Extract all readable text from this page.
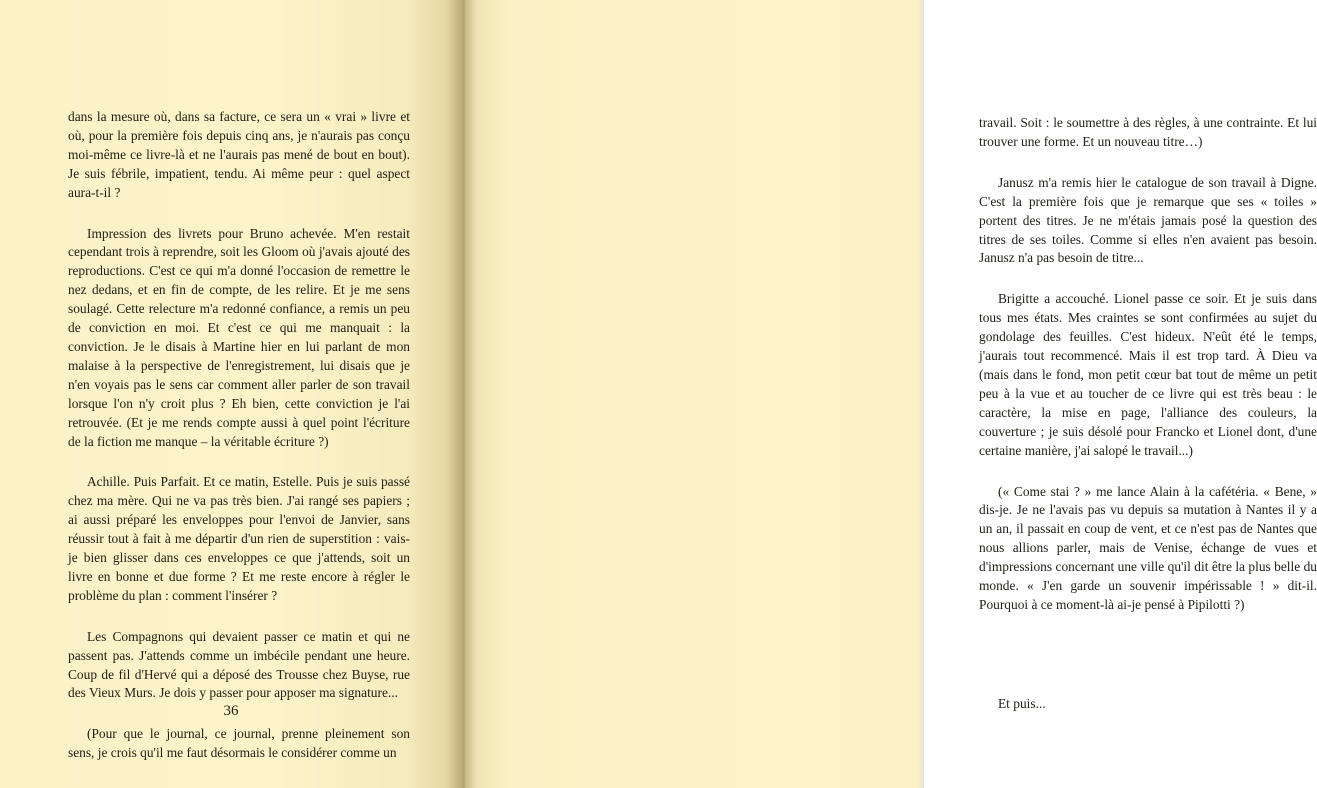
dans la mesure où, dans sa facture, ce sera un « vrai » livre et où, pour la première fois depuis cinq ans, je n'aurais pas conçu moi-même ce livre-là et ne l'aurais pas mené de bout en bout). Je suis fébrile, impatient, tendu. Ai même peur : quel aspect aura-t-il ?

Impression des livrets pour Bruno achevée. M'en restait cependant trois à reprendre, soit les Gloom où j'avais ajouté des reproductions. C'est ce qui m'a donné l'occasion de remettre le nez dedans, et en fin de compte, de les relire. Et je me sens soulagé. Cette relecture m'a redonné confiance, a remis un peu de conviction en moi. Et c'est ce qui me manquait : la conviction. Je le disais à Martine hier en lui parlant de mon malaise à la perspective de l'enregistrement, lui disais que je n'en voyais pas le sens car comment aller parler de son travail lorsque l'on n'y croit plus ? Eh bien, cette conviction je l'ai retrouvée. (Et je me rends compte aussi à quel point l'écriture de la fiction me manque – la véritable écriture ?)

Achille. Puis Parfait. Et ce matin, Estelle. Puis je suis passé chez ma mère. Qui ne va pas très bien. J'ai rangé ses papiers ; ai aussi préparé les enveloppes pour l'envoi de Janvier, sans réussir tout à fait à me départir d'un rien de superstition : vais-je bien glisser dans ces enveloppes ce que j'attends, soit un livre en bonne et due forme ? Et me reste encore à régler le problème du plan : comment l'insérer ?

Les Compagnons qui devaient passer ce matin et qui ne passent pas. J'attends comme un imbécile pendant une heure. Coup de fil d'Hervé qui a déposé des Trousse chez Buyse, rue des Vieux Murs. Je dois y passer pour apposer ma signature...

(Pour que le journal, ce journal, prenne pleinement son sens, je crois qu'il me faut désormais le considérer comme un

36

travail. Soit : le soumettre à des règles, à une contrainte. Et lui trouver une forme. Et un nouveau titre…)

Janusz m'a remis hier le catalogue de son travail à Digne. C'est la première fois que je remarque que ses « toiles » portent des titres. Je ne m'étais jamais posé la question des titres de ses toiles. Comme si elles n'en avaient pas besoin. Janusz n'a pas besoin de titre...

Brigitte a accouché. Lionel passe ce soir. Et je suis dans tous mes états. Mes craintes se sont confirmées au sujet du gondolage des feuilles. C'est hideux. N'eût été le temps, j'aurais tout recommencé. Mais il est trop tard. À Dieu va (mais dans le fond, mon petit cœur bat tout de même un petit peu à la vue et au toucher de ce livre qui est très beau : le caractère, la mise en page, l'alliance des couleurs, la couverture ; je suis désolé pour Francko et Lionel dont, d'une certaine manière, j'ai salopé le travail...)

(« Come stai ? » me lance Alain à la cafétéria. « Bene, » dis-je. Je ne l'avais pas vu depuis sa mutation à Nantes il y a un an, il passait en coup de vent, et ce n'est pas de Nantes que nous allions parler, mais de Venise, échange de vues et d'impressions concernant une ville qu'il dit être la plus belle du monde. « J'en garde un souvenir impérissable ! » dit-il. Pourquoi à ce moment-là ai-je pensé à Pipilotti ?)

Et puis...
